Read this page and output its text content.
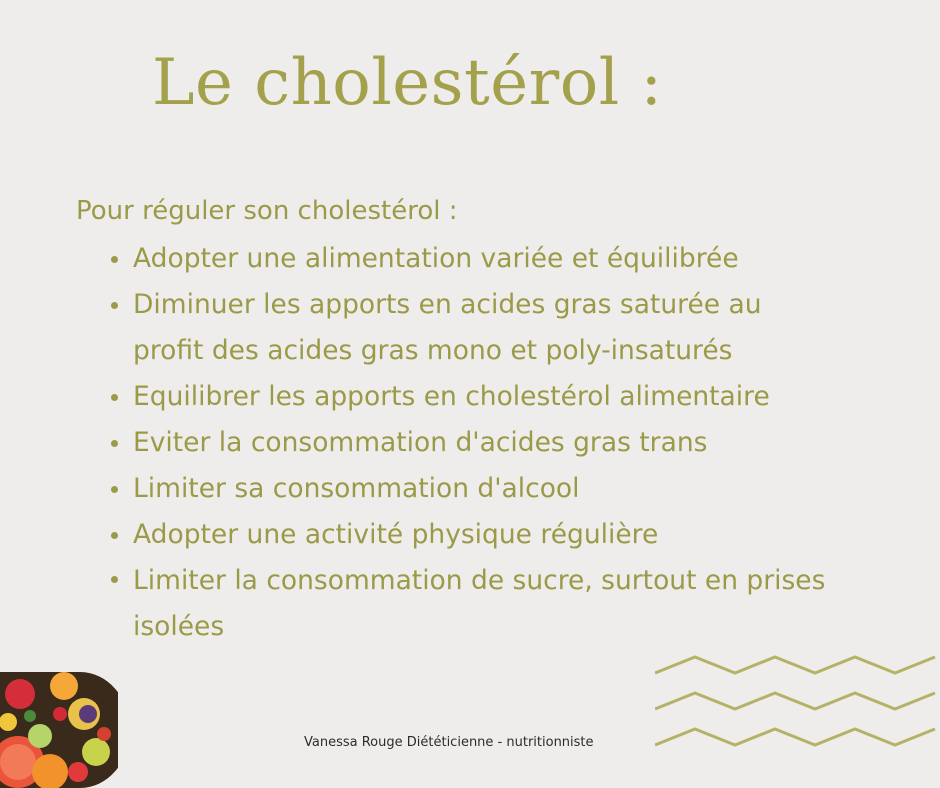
Le cholestérol :
Pour réguler son cholestérol :
Adopter une alimentation variée et équilibrée
Diminuer les apports en acides gras saturée au
profit des acides gras mono et poly-insaturés
Equilibrer les apports en cholestérol alimentaire
Eviter la consommation d'acides gras trans
Limiter sa consommation d'alcool
Adopter une activité physique régulière
Limiter la consommation de sucre, surtout en prises
isolées
Vanessa Rouge Diététicienne - nutritionniste
